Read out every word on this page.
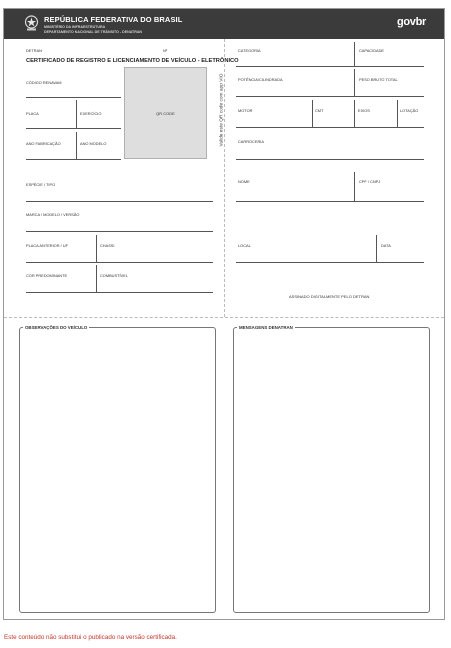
REPÚBLICA FEDERATIVA DO BRASIL
MINISTÉRIO DA INFRAESTRUTURA
DEPARTAMENTO NACIONAL DE TRÂNSITO - DENATRAN
govbr
DETRAN	Nº
CERTIFICADO DE REGISTRO E LICENCIAMENTO DE VEÍCULO - ELETRÔNICO
CÓDIGO RENAVAM
PLACA	EXERCÍCIO
ANO FABRICAÇÃO	ANO MODELO
QR CODE	Valide este QR code com app VIO
ESPÉCIE / TIPO
MARCA / MODELO / VERSÃO
PLACA ANTERIOR / UF	CHASSI
COR PREDOMINANTE	COMBUSTÍVEL
CATEGORIA	CAPACIDADE
POTÊNCIA/CILINDRADA	PESO BRUTO TOTAL
MOTOR	CMT	EIXOS	LOTAÇÃO
CARROCERIA
NOME	CPF / CNPJ
LOCAL	DATA
ASSINADO DIGITALMENTE PELO DETRAN
OBSERVAÇÕES DO VEÍCULO	MENSAGENS DENATRAN
Este conteúdo não substitui o publicado na versão certificada.
